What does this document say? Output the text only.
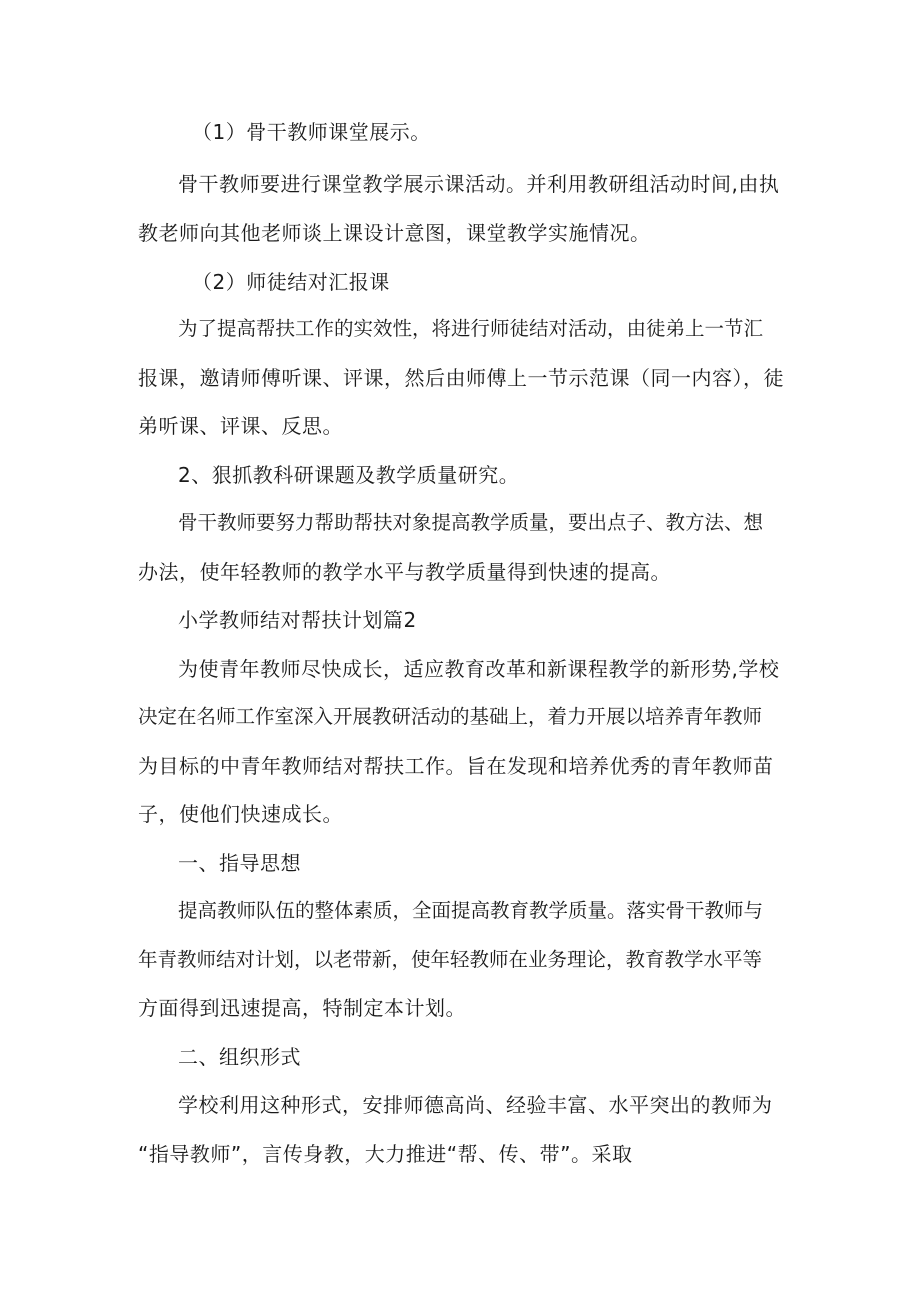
（1）骨干教师课堂展示。
骨干教师要进行课堂教学展示课活动。并利用教研组活动时间,由执
教老师向其他老师谈上课设计意图，课堂教学实施情况。
（2）师徒结对汇报课
为了提高帮扶工作的实效性，将进行师徒结对活动，由徒弟上一节汇
报课，邀请师傅听课、评课，然后由师傅上一节示范课（同一内容），徒
弟听课、评课、反思。
2、狠抓教科研课题及教学质量研究。
骨干教师要努力帮助帮扶对象提高教学质量，要出点子、教方法、想
办法，使年轻教师的教学水平与教学质量得到快速的提高。
小学教师结对帮扶计划篇2
为使青年教师尽快成长，适应教育改革和新课程教学的新形势,学校
决定在名师工作室深入开展教研活动的基础上，着力开展以培养青年教师
为目标的中青年教师结对帮扶工作。旨在发现和培养优秀的青年教师苗
子，使他们快速成长。
一、指导思想
提高教师队伍的整体素质，全面提高教育教学质量。落实骨干教师与
年青教师结对计划，以老带新，使年轻教师在业务理论，教育教学水平等
方面得到迅速提高，特制定本计划。
二、组织形式
学校利用这种形式，安排师德高尚、经验丰富、水平突出的教师为
“指导教师”，言传身教，大力推进“帮、传、带”。采取
